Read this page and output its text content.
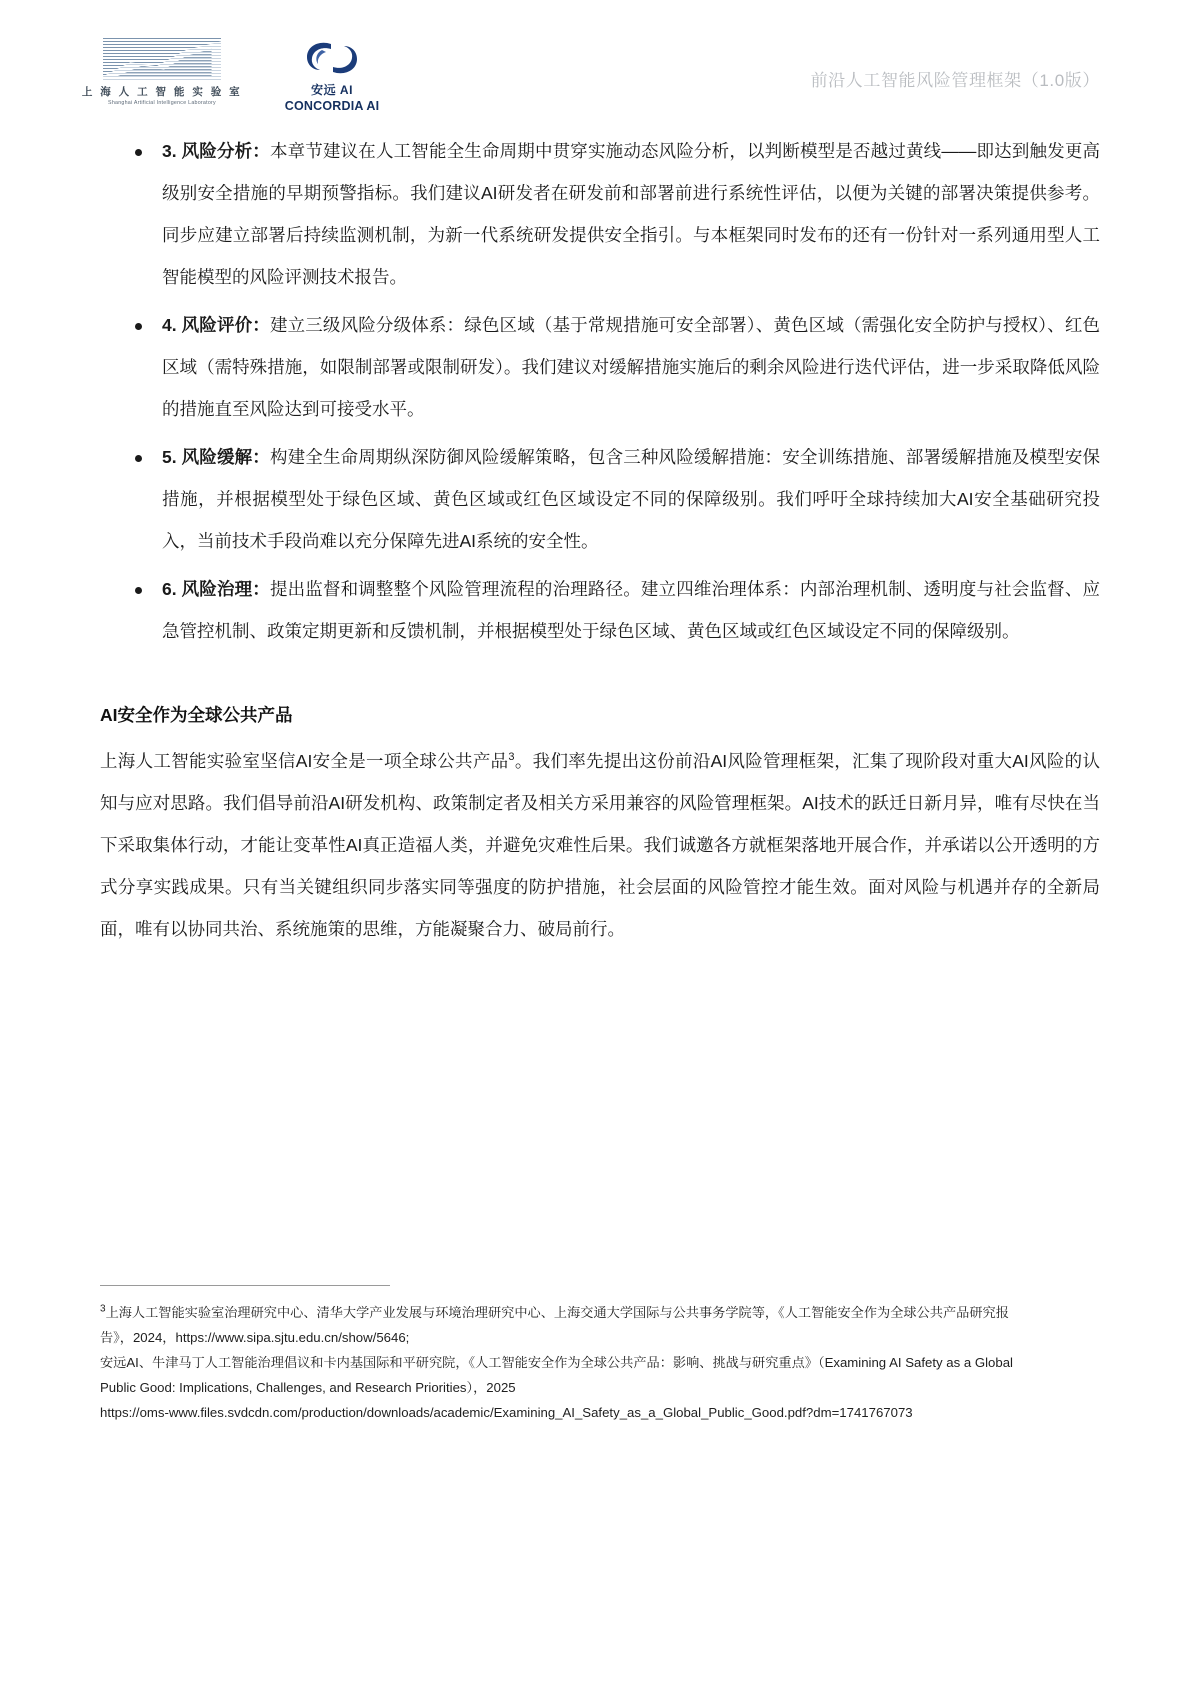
上 海 人 工 智 能 实 验 室
Shanghai Artificial Intelligence Laboratory
安远 AI
CONCORDIA AI
前沿人工智能风险管理框架（1.0版）
3. 风险分析：本章节建议在人工智能全生命周期中贯穿实施动态风险分析，以判断模型是否越过黄线——即达到触发更高级别安全措施的早期预警指标。我们建议AI研发者在研发前和部署前进行系统性评估，以便为关键的部署决策提供参考。同步应建立部署后持续监测机制，为新一代系统研发提供安全指引。与本框架同时发布的还有一份针对一系列通用型人工智能模型的风险评测技术报告。
4. 风险评价：建立三级风险分级体系：绿色区域（基于常规措施可安全部署）、黄色区域（需强化安全防护与授权）、红色区域（需特殊措施，如限制部署或限制研发）。我们建议对缓解措施实施后的剩余风险进行迭代评估，进一步采取降低风险的措施直至风险达到可接受水平。
5. 风险缓解：构建全生命周期纵深防御风险缓解策略，包含三种风险缓解措施：安全训练措施、部署缓解措施及模型安保措施，并根据模型处于绿色区域、黄色区域或红色区域设定不同的保障级别。我们呼吁全球持续加大AI安全基础研究投入，当前技术手段尚难以充分保障先进AI系统的安全性。
6. 风险治理：提出监督和调整整个风险管理流程的治理路径。建立四维治理体系：内部治理机制、透明度与社会监督、应急管控机制、政策定期更新和反馈机制，并根据模型处于绿色区域、黄色区域或红色区域设定不同的保障级别。
AI安全作为全球公共产品
上海人工智能实验室坚信AI安全是一项全球公共产品$^3$。我们率先提出这份前沿AI风险管理框架，汇集了现阶段对重大AI风险的认知与应对思路。我们倡导前沿AI研发机构、政策制定者及相关方采用兼容的风险管理框架。AI技术的跃迁日新月异，唯有尽快在当下采取集体行动，才能让变革性AI真正造福人类，并避免灾难性后果。我们诚邀各方就框架落地开展合作，并承诺以公开透明的方式分享实践成果。只有当关键组织同步落实同等强度的防护措施，社会层面的风险管控才能生效。面对风险与机遇并存的全新局面，唯有以协同共治、系统施策的思维，方能凝聚合力、破局前行。

$^3$上海人工智能实验室治理研究中心、清华大学产业发展与环境治理研究中心、上海交通大学国际与公共事务学院等，《人工智能安全作为全球公共产品研究报告》，2024，https://www.sipa.sjtu.edu.cn/show/5646;

安远AI、牛津马丁人工智能治理倡议和卡内基国际和平研究院，《人工智能安全作为全球公共产品：影响、挑战与研究重点》（Examining AI Safety as a Global Public Good: Implications, Challenges, and Research Priorities），2025

https://oms-www.files.svdcdn.com/production/downloads/academic/Examining_AI_Safety_as_a_Global_Public_Good.pdf?dm=1741767073
